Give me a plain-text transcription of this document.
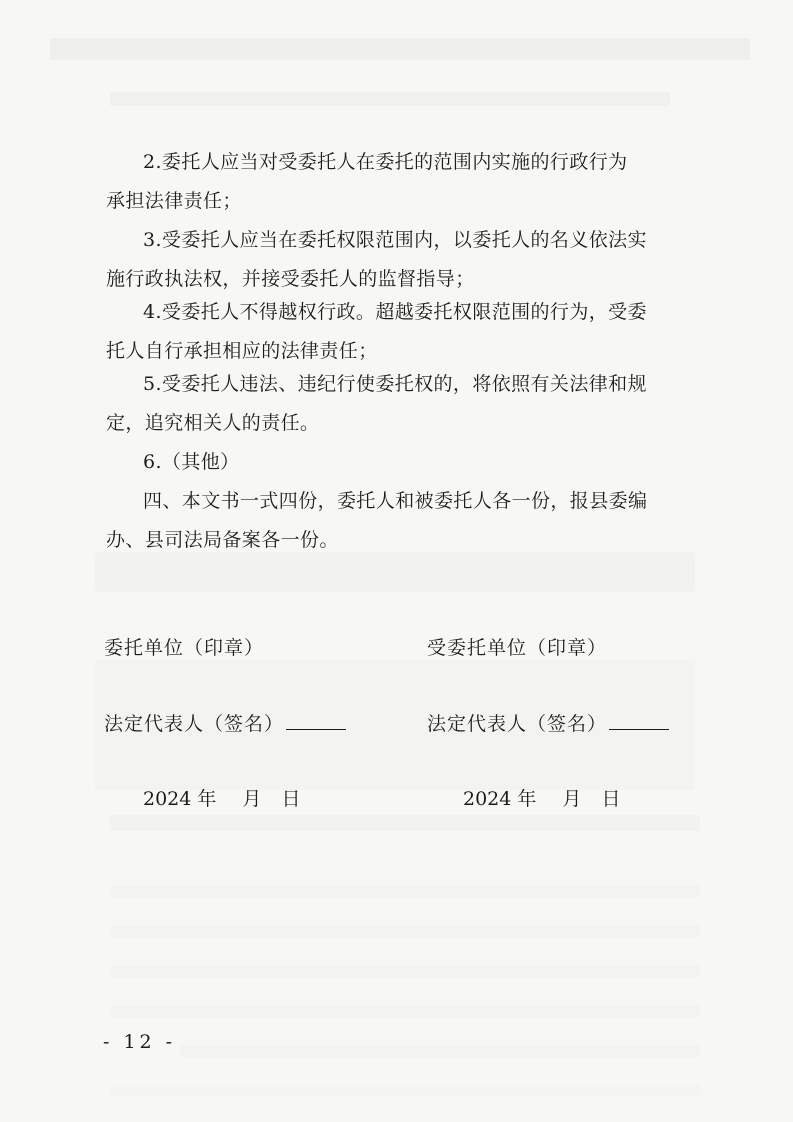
2.委托人应当对受委托人在委托的范围内实施的行政行为
承担法律责任；
3.受委托人应当在委托权限范围内，以委托人的名义依法实
施行政执法权，并接受委托人的监督指导；
4.受委托人不得越权行政。超越委托权限范围的行为，受委
托人自行承担相应的法律责任；
5.受委托人违法、违纪行使委托权的，将依照有关法律和规
定，追究相关人的责任。
6.（其他）
四、本文书一式四份，委托人和被委托人各一份，报县委编
办、县司法局备案各一份。
委托单位（印章）
法定代表人（签名）
2024 年 月 日
受委托单位（印章）
法定代表人（签名）
2024 年 月 日
- 12 -
